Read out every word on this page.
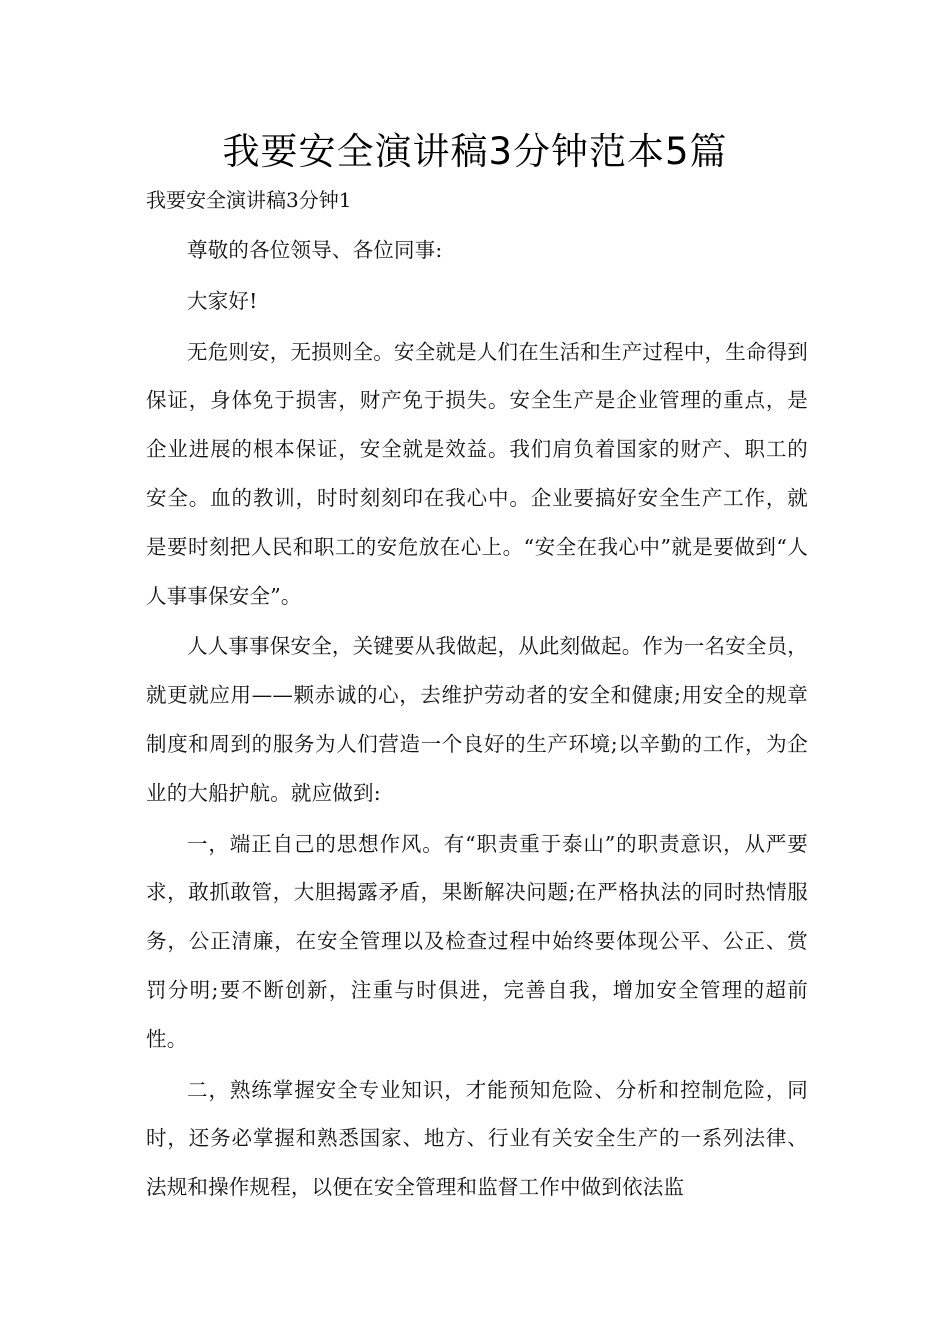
我要安全演讲稿3分钟范本5篇

我要安全演讲稿3分钟1

尊敬的各位领导、各位同事:

大家好!

无危则安，无损则全。安全就是人们在生活和生产过程中，生命得到保证，身体免于损害，财产免于损失。安全生产是企业管理的重点，是企业进展的根本保证，安全就是效益。我们肩负着国家的财产、职工的安全。血的教训，时时刻刻印在我心中。企业要搞好安全生产工作，就是要时刻把人民和职工的安危放在心上。“安全在我心中”就是要做到“人人事事保安全”。

人人事事保安全，关键要从我做起，从此刻做起。作为一名安全员，就更就应用——颗赤诚的心，去维护劳动者的安全和健康;用安全的规章制度和周到的服务为人们营造一个良好的生产环境;以辛勤的工作，为企业的大船护航。就应做到:

一，端正自己的思想作风。有“职责重于泰山”的职责意识，从严要求，敢抓敢管，大胆揭露矛盾，果断解决问题;在严格执法的同时热情服务，公正清廉，在安全管理以及检查过程中始终要体现公平、公正、赏罚分明;要不断创新，注重与时俱进，完善自我，增加安全管理的超前性。

二，熟练掌握安全专业知识，才能预知危险、分析和控制危险，同时，还务必掌握和熟悉国家、地方、行业有关安全生产的一系列法律、法规和操作规程，以便在安全管理和监督工作中做到依法监
